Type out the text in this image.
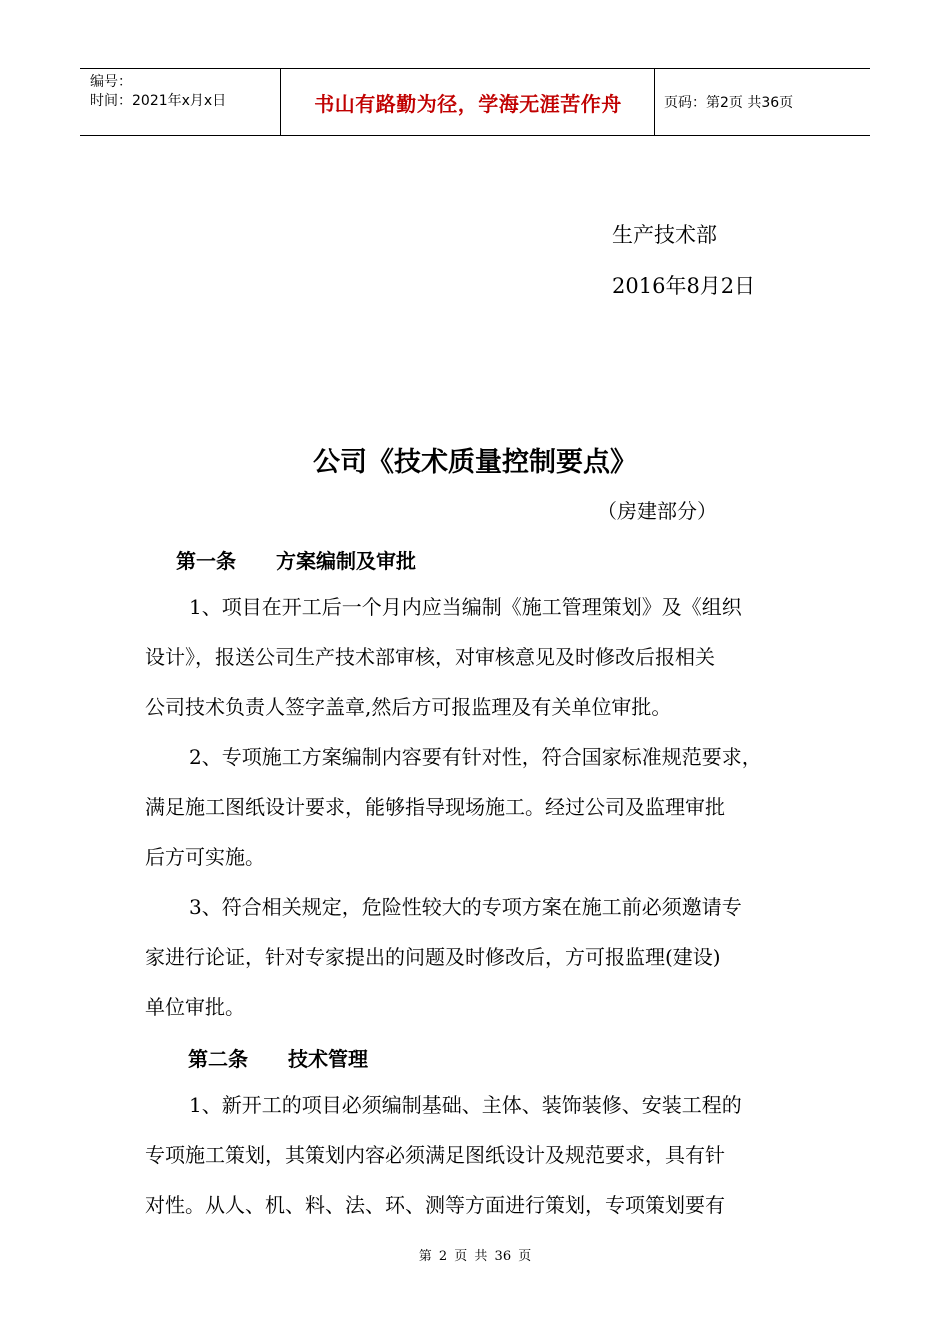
编号：
时间：2021年x月x日	书山有路勤为径，学海无涯苦作舟	页码：第2页 共36页
生产技术部
2016年8月2日
公司《技术质量控制要点》
（房建部分）
第一条 方案编制及审批
1、项目在开工后一个月内应当编制《施工管理策划》及《组织
设计》，报送公司生产技术部审核，对审核意见及时修改后报相关
公司技术负责人签字盖章,然后方可报监理及有关单位审批。
2、专项施工方案编制内容要有针对性，符合国家标准规范要求，
满足施工图纸设计要求，能够指导现场施工。经过公司及监理审批
后方可实施。
3、符合相关规定，危险性较大的专项方案在施工前必须邀请专
家进行论证，针对专家提出的问题及时修改后，方可报监理(建设)
单位审批。
第二条 技术管理
1、新开工的项目必须编制基础、主体、装饰装修、安装工程的
专项施工策划，其策划内容必须满足图纸设计及规范要求，具有针
对性。从人、机、料、法、环、测等方面进行策划，专项策划要有
第 2 页 共 36 页
